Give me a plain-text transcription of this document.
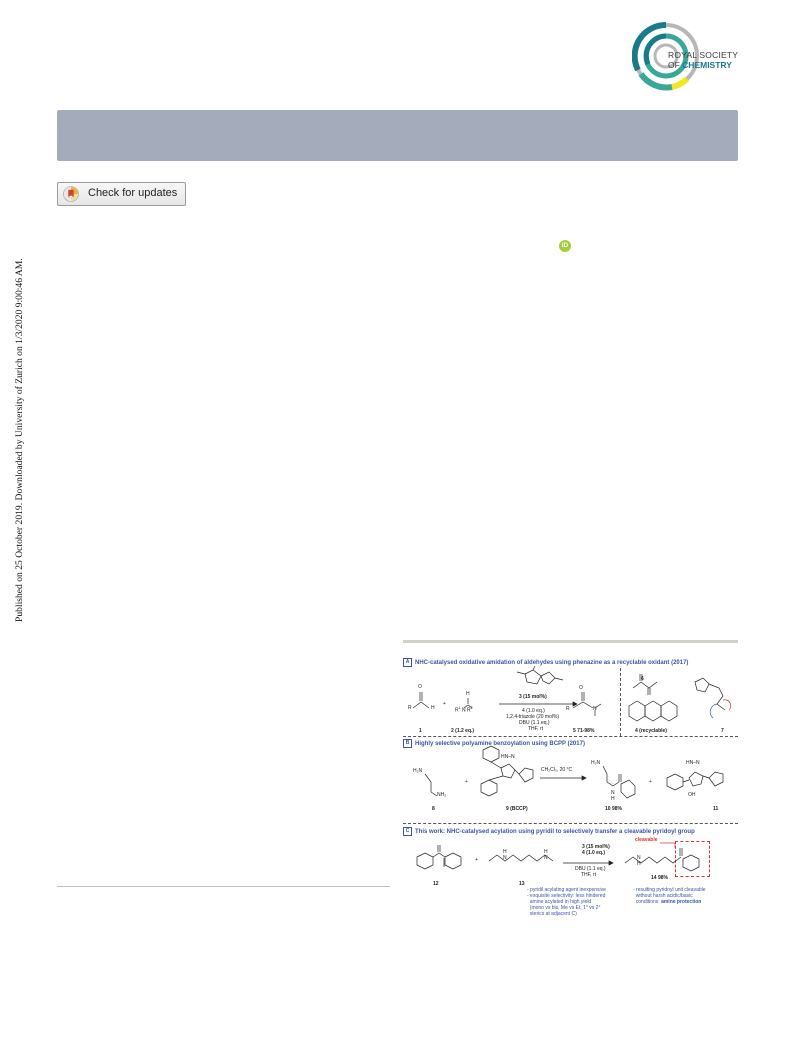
ROYAL SOCIETY
OF CHEMISTRY
Check for updates
Published on 25 October 2019. Downloaded by University of Zurich on 1/3/2020 9:00:46 AM.
iD
A NHC-catalysed oxidative amidation of aldehydes using phenazine as a recyclable oxidant (2017)
O
R	H
1
+
H
$R^1$ N $R^2$
2 (1.2 eq.)
3 (15 mol%)
4 (1.0 eq.)
1,2,4-triazole (20 mol%)
DBU (1.1 eq.)
THF, rt
O
R	N
5 71-98%
6
4 (recyclable)	7
B Highly selective polyamine benzoylation using BCPP (2017)
H₂N
NH₂
8
+
HN–N
9 (BCCP)
CH₂Cl₂, 20 °C
H₂N
N
H
10 98%
+
HN–N
OH
11
C This work: NHC-catalysed acylation using pyridil to selectively transfer a cleavable pyridoyl group
12
+
H
N
H
N
13
3 (15 mol%)
4 (1.0 eq.)
DBU (1.1 eq.)
THF, rt
cleavable
N
H
14 98%
- pyridil acylating agent inexpensive
- exquisite selectivity: less hindered
amine acylated in high yield
(mono vs bis, Me vs Et, 1° vs 2°
sterics at adjacent C)
- resulting pyridoyl unit cleavable
without harsh acidic/basic
conditions: amine protection
